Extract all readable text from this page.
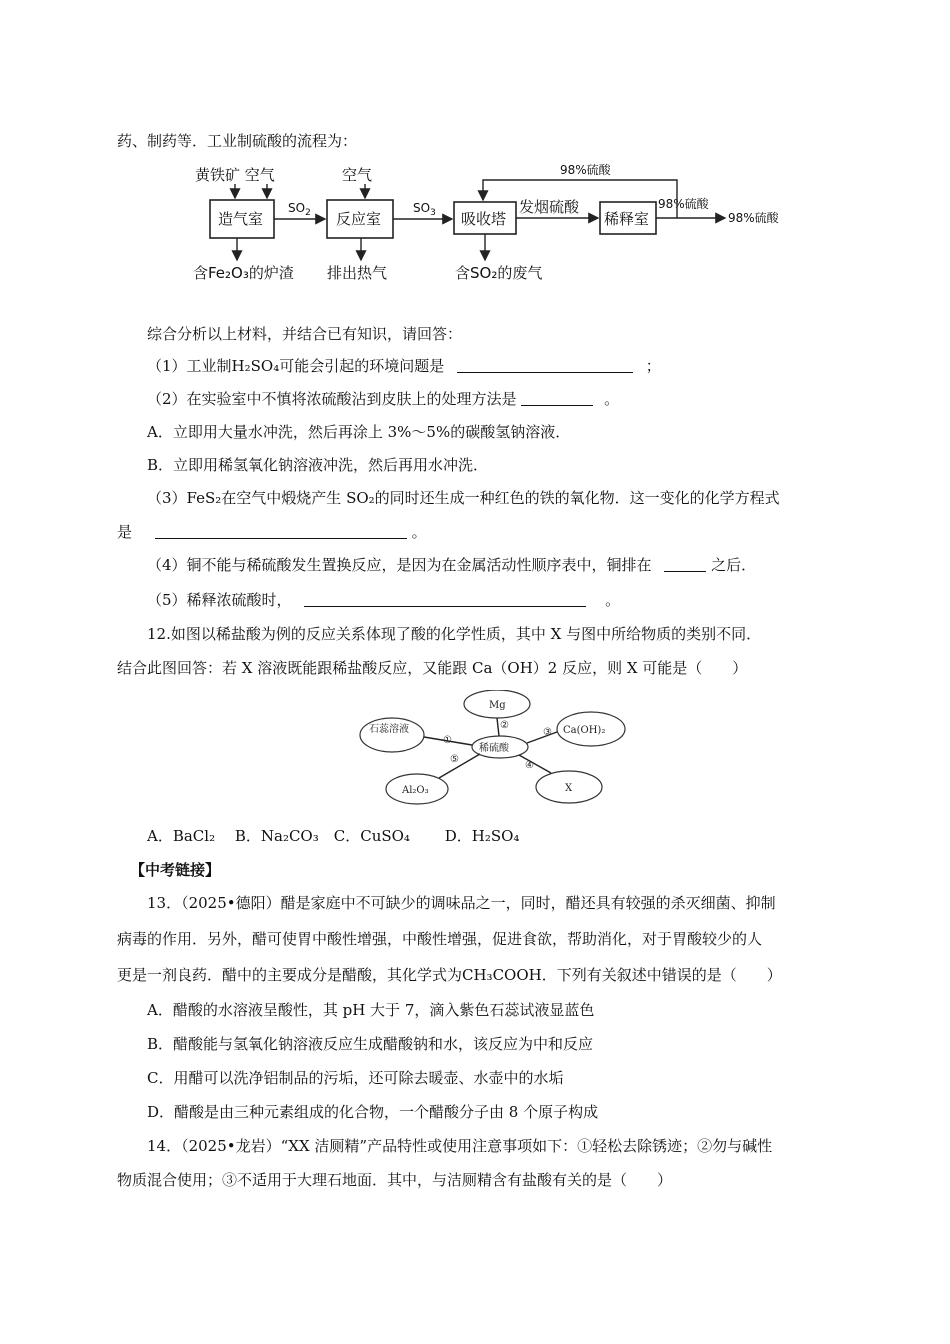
药、制药等．工业制硫酸的流程为：
黄铁矿 空气	空气
造气室
$SO_2$ 反应室
$SO_3$ 吸收塔
发烟硫酸
稀释室
98%硫酸
98%硫酸
98%硫酸
含Fe₂O₃的炉渣 排出热气	含SO₂的废气
综合分析以上材料，并结合已有知识，请回答：
（1）工业制H₂SO₄可能会引起的环境问题是	；
（2）在实验室中不慎将浓硫酸沾到皮肤上的处理方法是	。
A．立即用大量水冲洗，然后再涂上 3%～5%的碳酸氢钠溶液．
B．立即用稀氢氧化钠溶液冲洗，然后再用水冲洗．
（3）FeS₂在空气中煅烧产生 SO₂的同时还生成一种红色的铁的氧化物．这一变化的化学方程式
是	。
（4）铜不能与稀硫酸发生置换反应，是因为在金属活动性顺序表中，铜排在	之后．
（5）稀释浓硫酸时，	。
12.如图以稀盐酸为例的反应关系体现了酸的化学性质，其中 X 与图中所给物质的类别不同．
结合此图回答：若 X 溶液既能跟稀盐酸反应，又能跟 Ca（OH）2 反应，则 X 可能是（　　）
Mg
石蕊溶液	Ca(OH)₂
稀硫酸
Al₂O₃	X
①
②
③
④
⑤
A．BaCl₂　 B．Na₂CO₃　C．CuSO₄　　 D．H₂SO₄
【中考链接】
13．（2025•德阳）醋是家庭中不可缺少的调味品之一，同时，醋还具有较强的杀灭细菌、抑制
病毒的作用．另外，醋可使胃中酸性增强，中酸性增强，促进食欲，帮助消化，对于胃酸较少的人
更是一剂良药．醋中的主要成分是醋酸，其化学式为CH₃COOH．下列有关叙述中错误的是（　　）
A．醋酸的水溶液呈酸性，其 pH 大于 7，滴入紫色石蕊试液显蓝色
B．醋酸能与氢氧化钠溶液反应生成醋酸钠和水，该反应为中和反应
C．用醋可以洗净铝制品的污垢，还可除去暖壶、水壶中的水垢
D．醋酸是由三种元素组成的化合物，一个醋酸分子由 8 个原子构成
14．（2025•龙岩）“XX 洁厕精”产品特性或使用注意事项如下：①轻松去除锈迹；②勿与碱性
物质混合使用；③不适用于大理石地面．其中，与洁厕精含有盐酸有关的是（　　）
